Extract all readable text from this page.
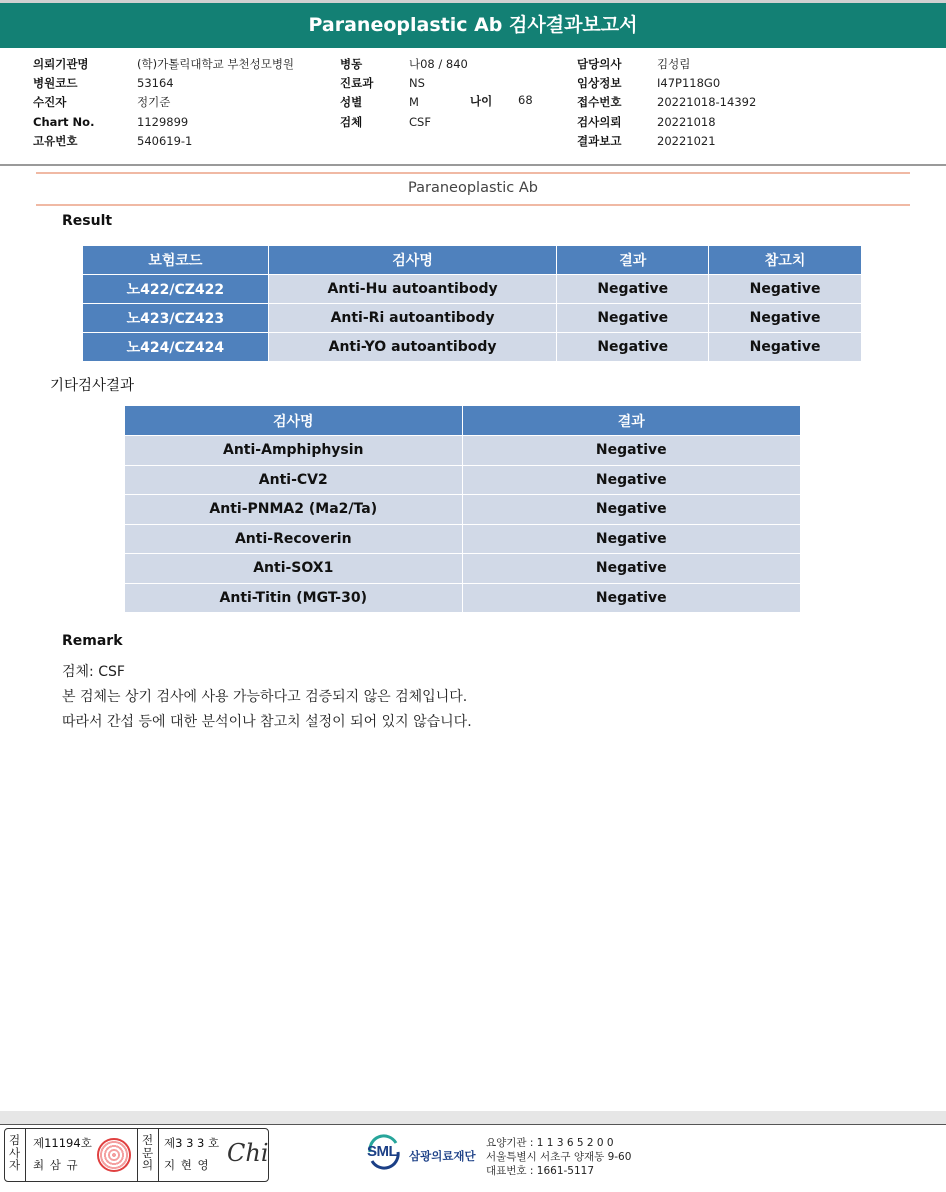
Paraneoplastic Ab 검사결과보고서
의뢰기관명	(학)가톨릭대학교 부천성모병원
병원코드	53164
수진자	정기준
Chart No.	1129899
고유번호	540619-1
병동	나08 / 840
진료과	NS
성별	M
검체	CSF
나이 68
담당의사	김성림
임상정보	I47P118G0
접수번호	20221018-14392
검사의뢰	20221018
결과보고	20221021
Paraneoplastic Ab
Result
보험코드	검사명	결과	참고치
노422/CZ422	Anti-Hu autoantibody	Negative	Negative
노423/CZ423	Anti-Ri autoantibody	Negative	Negative
노424/CZ424	Anti-YO autoantibody	Negative	Negative
기타검사결과
검사명	결과
Anti-Amphiphysin	Negative
Anti-CV2	Negative
Anti-PNMA2 (Ma2/Ta)	Negative
Anti-Recoverin	Negative
Anti-SOX1	Negative
Anti-Titin (MGT-30)	Negative
Remark
검체: CSF
본 검체는 상기 검사에 사용 가능하다고 검증되지 않은 검체입니다.
따라서 간섭 등에 대한 분석이나 참고치 설정이 되어 있지 않습니다.
검사자
제11194호
최 삼 규
전문의
제3 3 3 호
지 현 영 Chi	SML 삼광의료재단
요양기관 : 1 1 3 6 5 2 0 0
서울특별시 서초구 양재동 9-60
대표번호 : 1661-5117
